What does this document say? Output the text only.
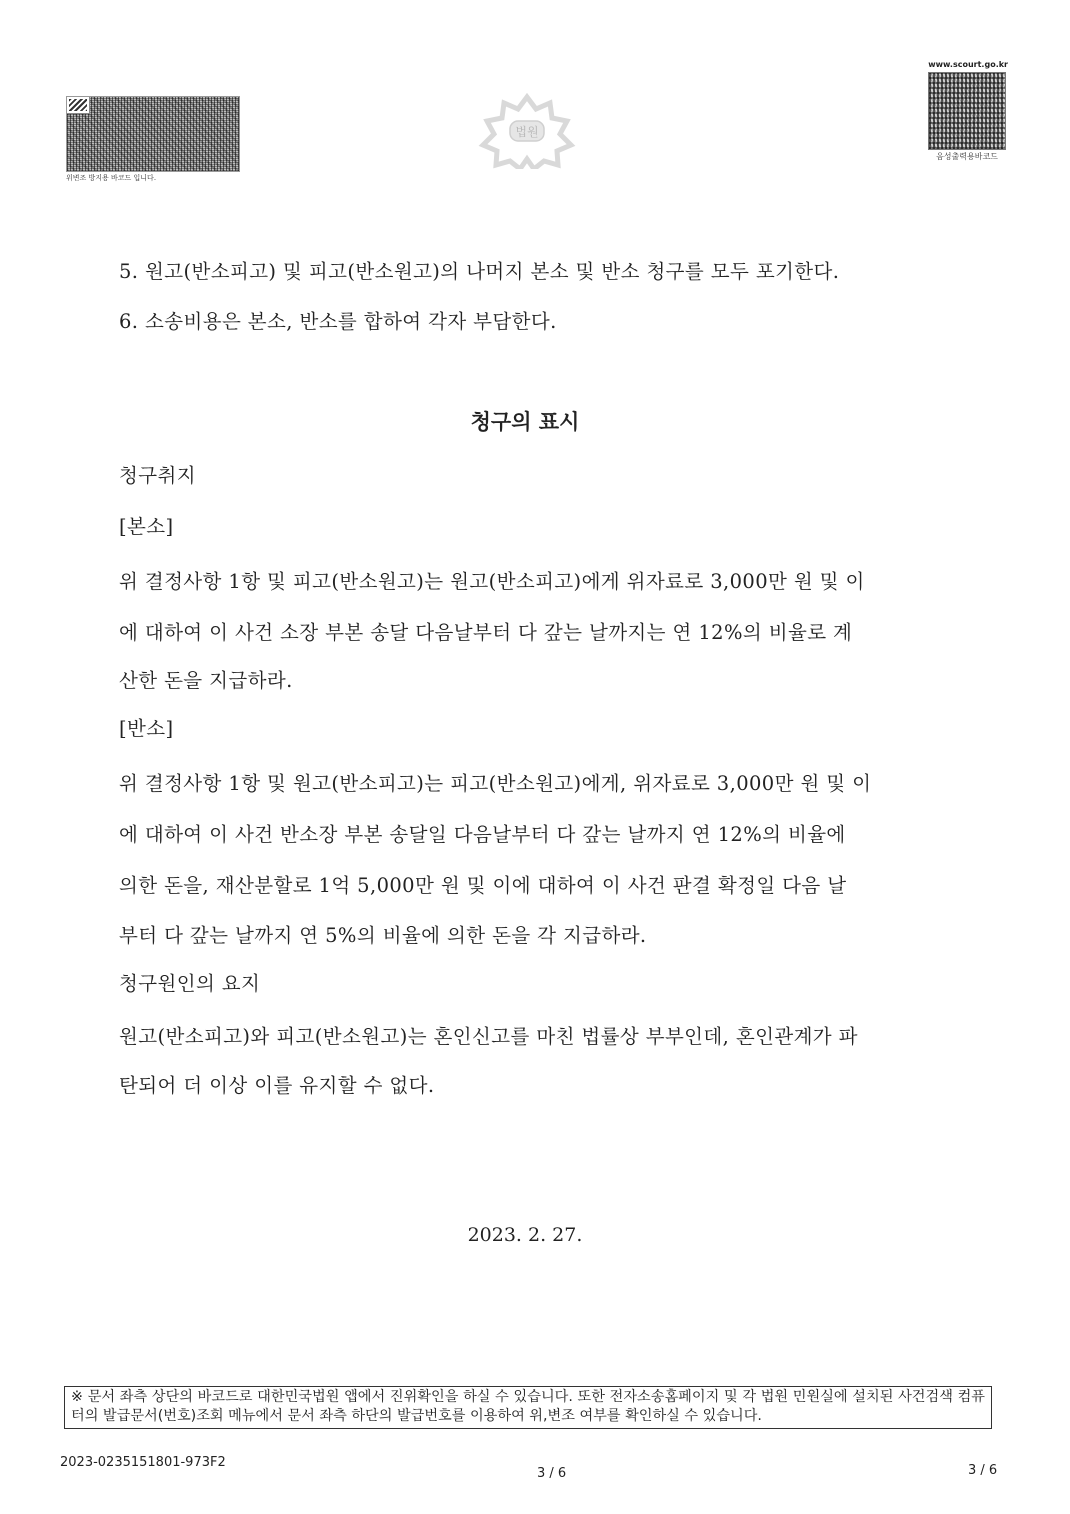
위변조 방지용 바코드 입니다.
법원
www.scourt.go.kr
음성출력용바코드
5. 원고(반소피고) 및 피고(반소원고)의 나머지 본소 및 반소 청구를 모두 포기한다.
6. 소송비용은 본소, 반소를 합하여 각자 부담한다.
청구의 표시
청구취지
[본소]
위 결정사항 1항 및 피고(반소원고)는 원고(반소피고)에게 위자료로 3,000만 원 및 이
에 대하여 이 사건 소장 부본 송달 다음날부터 다 갚는 날까지는 연 12%의 비율로 계
산한 돈을 지급하라.
[반소]
위 결정사항 1항 및 원고(반소피고)는 피고(반소원고)에게, 위자료로 3,000만 원 및 이
에 대하여 이 사건 반소장 부본 송달일 다음날부터 다 갚는 날까지 연 12%의 비율에
의한 돈을, 재산분할로 1억 5,000만 원 및 이에 대하여 이 사건 판결 확정일 다음 날
부터 다 갚는 날까지 연 5%의 비율에 의한 돈을 각 지급하라.
청구원인의 요지
원고(반소피고)와 피고(반소원고)는 혼인신고를 마친 법률상 부부인데, 혼인관계가 파
탄되어 더 이상 이를 유지할 수 없다.
2023. 2. 27.
※ 문서 좌측 상단의 바코드로 대한민국법원 앱에서 진위확인을 하실 수 있습니다. 또한 전자소송홈페이지 및 각 법원 민원실에 설치된 사건검색 컴퓨터의 발급문서(번호)조회 메뉴에서 문서 좌측 하단의 발급번호를 이용하여 위,변조 여부를 확인하실 수 있습니다.
2023-0235151801-973F2
3 / 6	3 / 6
